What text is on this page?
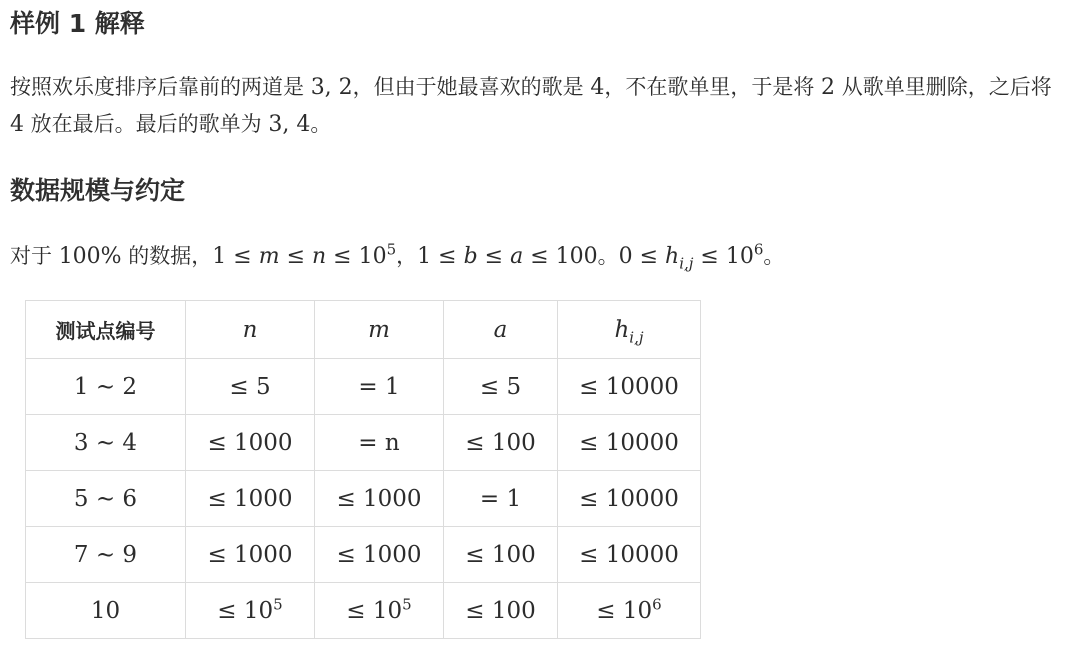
样例 1 解释
按照欢乐度排序后靠前的两道是 3, 2，但由于她最喜欢的歌是 4，不在歌单里，于是将 2 从歌单里删除，之后将 4 放在最后。最后的歌单为 3, 4。
数据规模与约定
对于 100% 的数据，$1 \le m \le n \le 10^5$，1 ≤ b ≤ a ≤ 100。$0 \le h_{i,j} \le 10^6$。
测试点编号	n	m	a	$h_{i,j}$
1 ∼ 2	≤ 5	= 1	≤ 5	≤ 10000
3 ∼ 4	≤ 1000	= n	≤ 100	≤ 10000
5 ∼ 6	≤ 1000	≤ 1000	= 1	≤ 10000
7 ∼ 9	≤ 1000	≤ 1000	≤ 100	≤ 10000
10	≤ $10^5$	≤ $10^5$	≤ 100	≤ $10^6$
